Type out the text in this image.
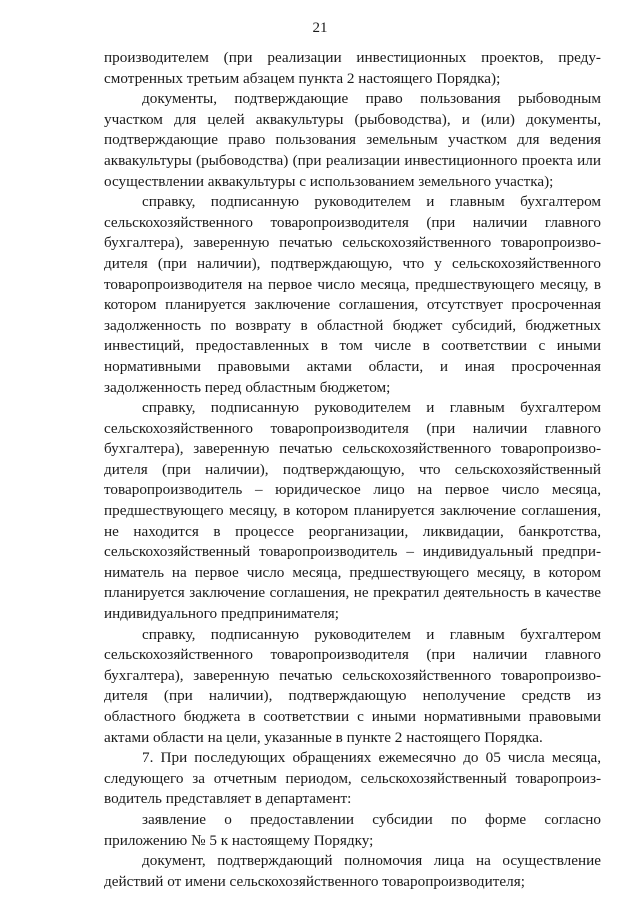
21

производителем (при реализации инвестиционных проектов, преду-смотренных третьим абзацем пункта 2 настоящего Порядка);

документы, подтверждающие право пользования рыбоводным участком для целей аквакультуры (рыбоводства), и (или) документы, подтверждающие право пользования земельным участком для ведения аквакультуры (рыбоводства) (при реализации инвестиционного проекта или осуществлении аквакультуры с использованием земельного участка);

справку, подписанную руководителем и главным бухгалтером сельскохозяйственного товаропроизводителя (при наличии главного бухгалтера), заверенную печатью сельскохозяйственного товаропроизво-дителя (при наличии), подтверждающую, что у сельскохозяйственного товаропроизводителя на первое число месяца, предшествующего месяцу, в котором планируется заключение соглашения, отсутствует просроченная задолженность по возврату в областной бюджет субсидий, бюджетных инвестиций, предоставленных в том числе в соответствии с иными нормативными правовыми актами области, и иная просроченная задолженность перед областным бюджетом;

справку, подписанную руководителем и главным бухгалтером сельскохозяйственного товаропроизводителя (при наличии главного бухгалтера), заверенную печатью сельскохозяйственного товаропроизво-дителя (при наличии), подтверждающую, что сельскохозяйственный товаропроизводитель – юридическое лицо на первое число месяца, предшествующего месяцу, в котором планируется заключение соглашения, не находится в процессе реорганизации, ликвидации, банкротства, сельскохозяйственный товаропроизводитель – индивидуальный предпри-ниматель на первое число месяца, предшествующего месяцу, в котором планируется заключение соглашения, не прекратил деятельность в качестве индивидуального предпринимателя;

справку, подписанную руководителем и главным бухгалтером сельскохозяйственного товаропроизводителя (при наличии главного бухгалтера), заверенную печатью сельскохозяйственного товаропроизво-дителя (при наличии), подтверждающую неполучение средств из областного бюджета в соответствии с иными нормативными правовыми актами области на цели, указанные в пункте 2 настоящего Порядка.

7. При последующих обращениях ежемесячно до 05 числа месяца, следующего за отчетным периодом, сельскохозяйственный товаропроиз-водитель представляет в департамент:

заявление о предоставлении субсидии по форме согласно приложению № 5 к настоящему Порядку;

документ, подтверждающий полномочия лица на осуществление действий от имени сельскохозяйственного товаропроизводителя;
